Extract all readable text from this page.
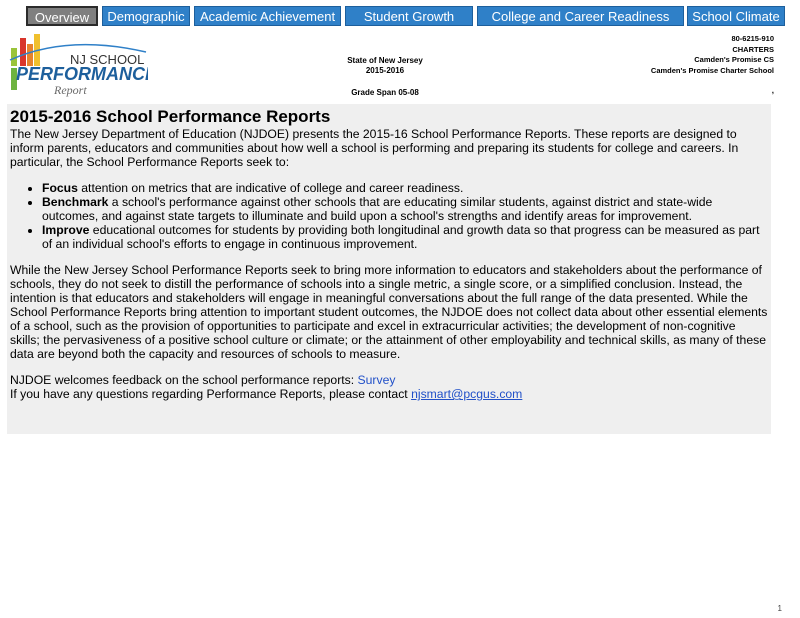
Overview	Demographic	Academic Achievement	Student Growth	College and Career Readiness	School Climate
NJ SCHOOL
PERFORMANCE
Report
State of New Jersey
2015-2016
Grade Span 05-08
80-6215-910
CHARTERS
Camden's Promise CS
Camden's Promise Charter School
,
2015-2016 School Performance Reports

The New Jersey Department of Education (NJDOE) presents the 2015-16 School Performance Reports. These reports are designed to inform parents, educators and communities about how well a school is performing and preparing its students for college and careers. In particular, the School Performance Reports seek to:

• Focus attention on metrics that are indicative of college and career readiness.
• Benchmark a school's performance against other schools that are educating similar students, against district and state-wide outcomes, and against state targets to illuminate and build upon a school's strengths and identify areas for improvement.
• Improve educational outcomes for students by providing both longitudinal and growth data so that progress can be measured as part of an individual school's efforts to engage in continuous improvement.

While the New Jersey School Performance Reports seek to bring more information to educators and stakeholders about the performance of schools, they do not seek to distill the performance of schools into a single metric, a single score, or a simplified conclusion. Instead, the intention is that educators and stakeholders will engage in meaningful conversations about the full range of the data presented. While the School Performance Reports bring attention to important student outcomes, the NJDOE does not collect data about other essential elements of a school, such as the provision of opportunities to participate and excel in extracurricular activities; the development of non-cognitive skills; the pervasiveness of a positive school culture or climate; or the attainment of other employability and technical skills, as many of these data are beyond both the capacity and resources of schools to measure.

NJDOE welcomes feedback on the school performance reports: Survey

If you have any questions regarding Performance Reports, please contact njsmart@pcgus.com

1
